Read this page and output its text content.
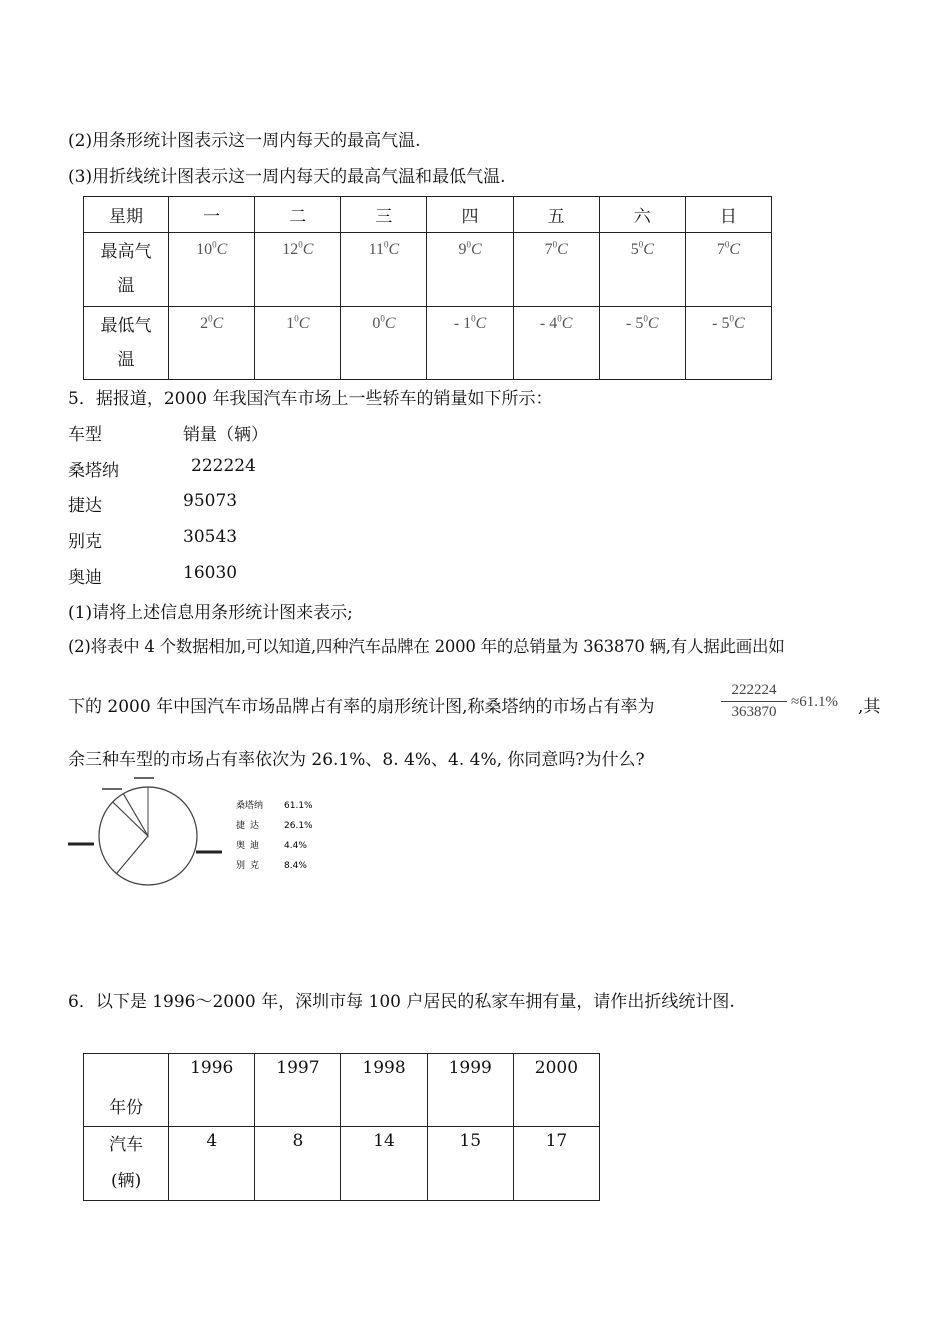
(2)用条形统计图表示这一周内每天的最高气温.
(3)用折线统计图表示这一周内每天的最高气温和最低气温.
星期	一	二	三	四	五	六	日
最高气
温	$10^0C$	$12^0C$	$11^0C$	$9^0C$	$7^0C$	$5^0C$	$7^0C$
最低气
温	$2^0C$	$1^0C$	$0^0C$	- $1^0C$	- $4^0C$	- $5^0C$	- $5^0C$
5．据报道，2000 年我国汽车市场上一些轿车的销量如下所示：
车型	销量（辆）
桑塔纳	222224
捷达	95073
别克	30543
奥迪	16030
(1)请将上述信息用条形统计图来表示;
(2)将表中 4 个数据相加,可以知道,四种汽车品牌在 2000 年的总销量为 363870 辆,有人据此画出如
下的 2000 年中国汽车市场品牌占有率的扇形统计图,称桑塔纳的市场占有率为
222224
363870
≈61.1% ,其
余三种车型的市场占有率依次为 26.1%、8. 4%、4. 4%, 你同意吗?为什么?
桑塔纳 61.1%
捷达 26.1%
奥迪 4.4%
别克 8.4%
6．以下是 1996～2000 年，深圳市每 100 户居民的私家车拥有量，请作出折线统计图.
年份	1996	1997	1998	1999	2000
汽车
(辆)	4	8	14	15	17
